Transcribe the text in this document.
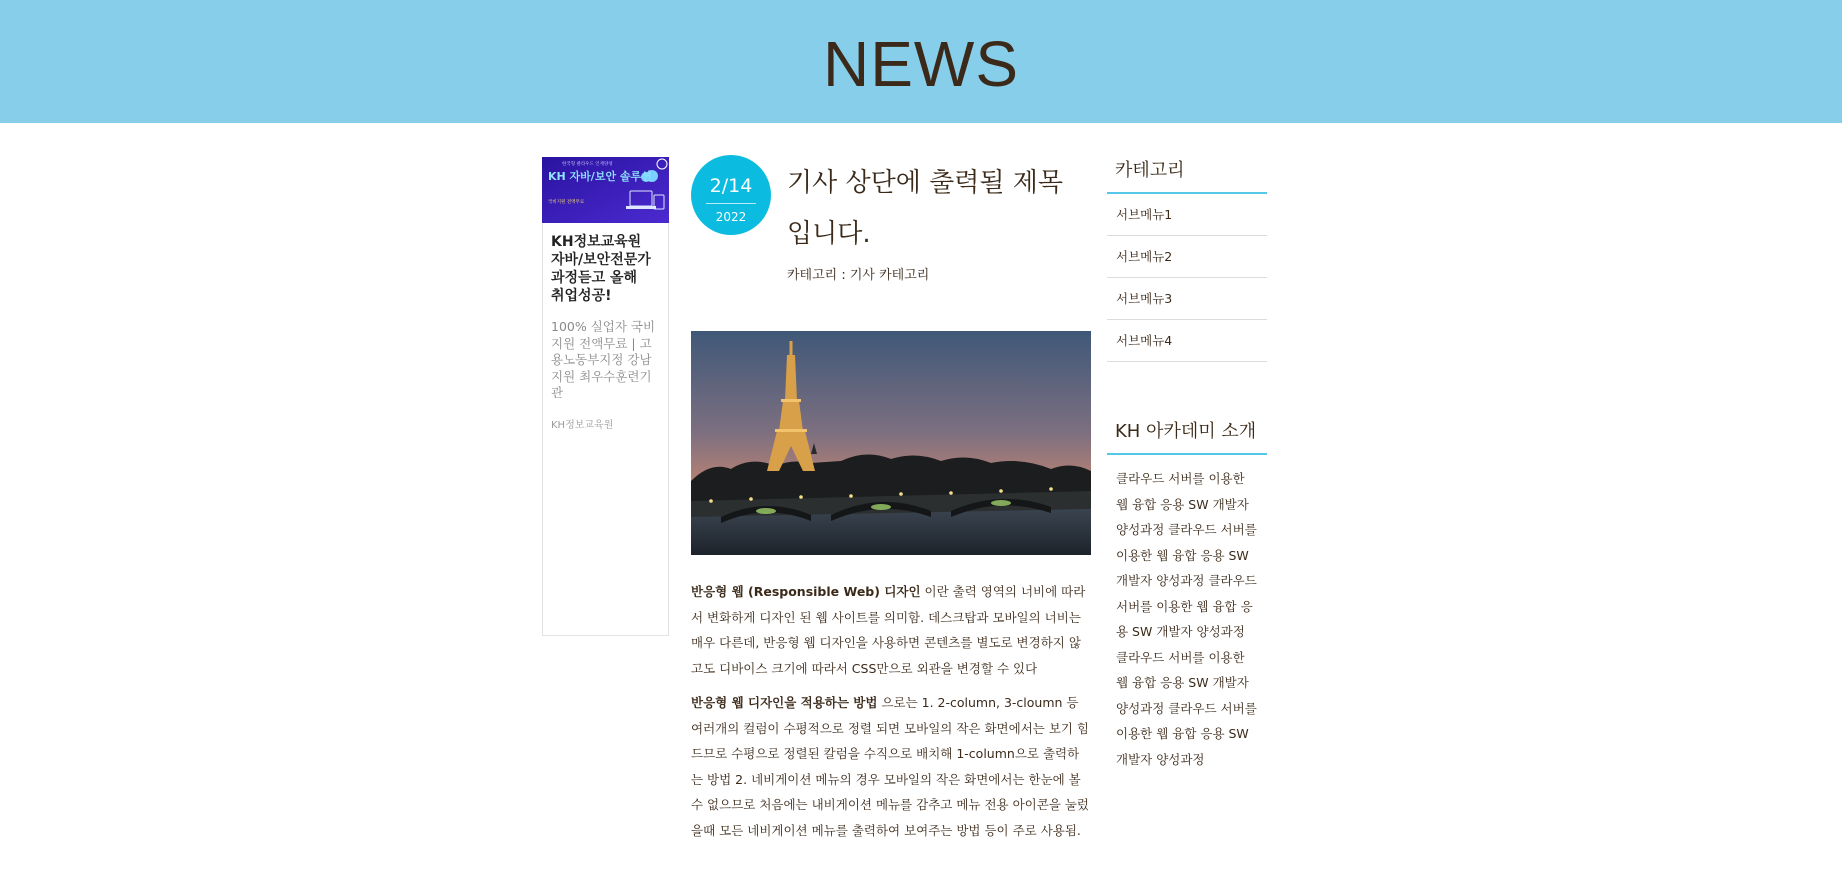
NEWS
한국형 클라우드 인재양성
KH 자바/보안 솔루션
국비지원 전액무료
KH정보교육원 자바/보안전문가 과정듣고 올해 취업성공!
100% 실업자 국비지원 전액무료 | 고용노동부지정 강남지원 최우수훈련기관
KH정보교육원
2/14
2022
기사 상단에 출력될 제목입니다.
카테고리 : 기사 카테고리

반응형 웹 (Responsible Web) 디자인 이란 출력 영역의 너비에 따라서 변화하게 디자인 된 웹 사이트를 의미함. 데스크탑과 모바일의 너비는 매우 다른데, 반응형 웹 디자인을 사용하면 콘텐츠를 별도로 변경하지 않고도 디바이스 크기에 따라서 CSS만으로 외관을 변경할 수 있다

반응형 웹 디자인을 적용하는 방법 으로는 1. 2-column, 3-cloumn 등 여러개의 컬럼이 수평적으로 정렬 되면 모바일의 작은 화면에서는 보기 힘드므로 수평으로 정렬된 칼럼을 수직으로 배치해 1-column으로 출력하는 방법 2. 네비게이션 메뉴의 경우 모바일의 작은 화면에서는 한눈에 볼 수 없으므로 처음에는 내비게이션 메뉴를 감추고 메뉴 전용 아이콘을 눌렀을때 모든 네비게이션 메뉴를 출력하여 보여주는 방법 등이 주로 사용됨.

카테고리
서브메뉴1
서브메뉴2
서브메뉴3
서브메뉴4
KH 아카데미 소개

클라우드 서버를 이용한 웹 융합 응용 SW 개발자 양성과정 클라우드 서버를 이용한 웹 융합 응용 SW 개발자 양성과정 클라우드 서버를 이용한 웹 융합 응용 SW 개발자 양성과정 클라우드 서버를 이용한 웹 융합 응용 SW 개발자 양성과정 클라우드 서버를 이용한 웹 융합 응용 SW 개발자 양성과정
